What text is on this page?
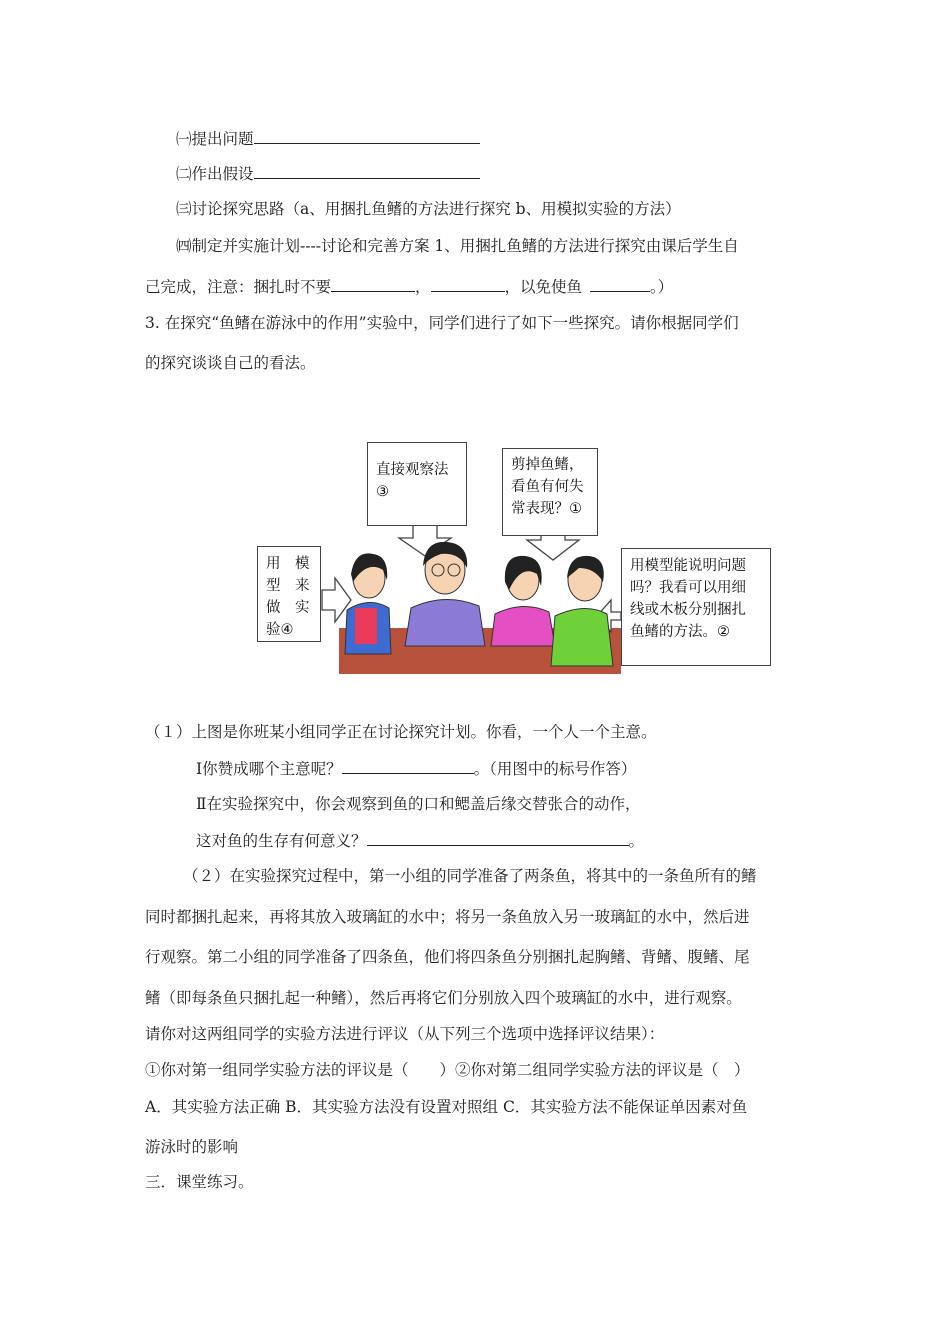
㈠提出问题
㈡作出假设
㈢讨论探究思路（a、用捆扎鱼鳍的方法进行探究 b、用模拟实验的方法）
㈣制定并实施计划----讨论和完善方案 1、用捆扎鱼鳍的方法进行探究由课后学生自
己完成，注意：捆扎时不要	，	，以免使鱼	。）
3. 在探究“鱼鳍在游泳中的作用”实验中，同学们进行了如下一些探究。请你根据同学们
的探究谈谈自己的看法。
直接观察法
③
剪掉鱼鳍，
看鱼有何失
常表现？①
用　模
型　来
做　实
验④
用模型能说明问题
吗？我看可以用细
线或木板分别捆扎
鱼鳍的方法。②
（１）上图是你班某小组同学正在讨论探究计划。你看，一个人一个主意。
Ⅰ你赞成哪个主意呢？	。（用图中的标号作答）
Ⅱ在实验探究中，你会观察到鱼的口和鳃盖后缘交替张合的动作，
这对鱼的生存有何意义？	。
（２）在实验探究过程中，第一小组的同学准备了两条鱼，将其中的一条鱼所有的鳍
同时都捆扎起来，再将其放入玻璃缸的水中；将另一条鱼放入另一玻璃缸的水中，然后进
行观察。第二小组的同学准备了四条鱼，他们将四条鱼分别捆扎起胸鳍、背鳍、腹鳍、尾
鳍（即每条鱼只捆扎起一种鳍），然后再将它们分别放入四个玻璃缸的水中，进行观察。
请你对这两组同学的实验方法进行评议（从下列三个选项中选择评议结果）：
①你对第一组同学实验方法的评议是（　　）②你对第二组同学实验方法的评议是（　）
A．其实验方法正确 B．其实验方法没有设置对照组 C．其实验方法不能保证单因素对鱼
游泳时的影响
三．课堂练习。
